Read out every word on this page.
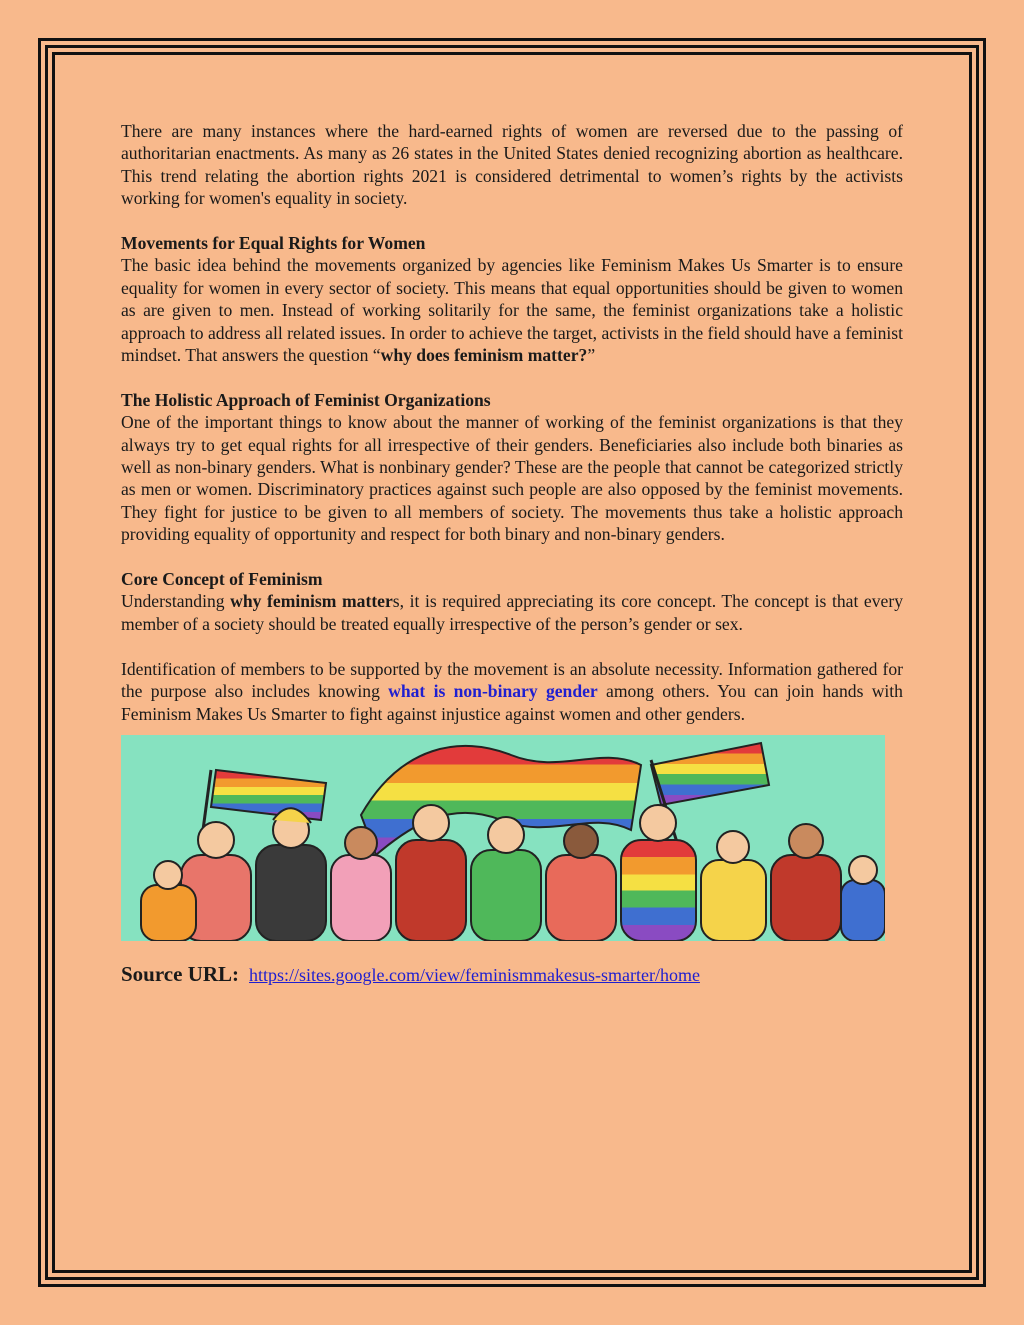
There are many instances where the hard-earned rights of women are reversed due to the passing of authoritarian enactments. As many as 26 states in the United States denied recognizing abortion as healthcare. This trend relating the abortion rights 2021 is considered detrimental to women’s rights by the activists working for women's equality in society.

Movements for Equal Rights for Women

The basic idea behind the movements organized by agencies like Feminism Makes Us Smarter is to ensure equality for women in every sector of society. This means that equal opportunities should be given to women as are given to men. Instead of working solitarily for the same, the feminist organizations take a holistic approach to address all related issues. In order to achieve the target, activists in the field should have a feminist mindset. That answers the question “why does feminism matter?”

The Holistic Approach of Feminist Organizations

One of the important things to know about the manner of working of the feminist organizations is that they always try to get equal rights for all irrespective of their genders. Beneficiaries also include both binaries as well as non-binary genders. What is nonbinary gender? These are the people that cannot be categorized strictly as men or women. Discriminatory practices against such people are also opposed by the feminist movements. They fight for justice to be given to all members of society. The movements thus take a holistic approach providing equality of opportunity and respect for both binary and non-binary genders.

Core Concept of Feminism

Understanding why feminism matters, it is required appreciating its core concept. The concept is that every member of a society should be treated equally irrespective of the person’s gender or sex.

Identification of members to be supported by the movement is an absolute necessity. Information gathered for the purpose also includes knowing what is non-binary gender among others. You can join hands with Feminism Makes Us Smarter to fight against injustice against women and other genders.

Source URL: https://sites.google.com/view/feminismmakesus-smarter/home
